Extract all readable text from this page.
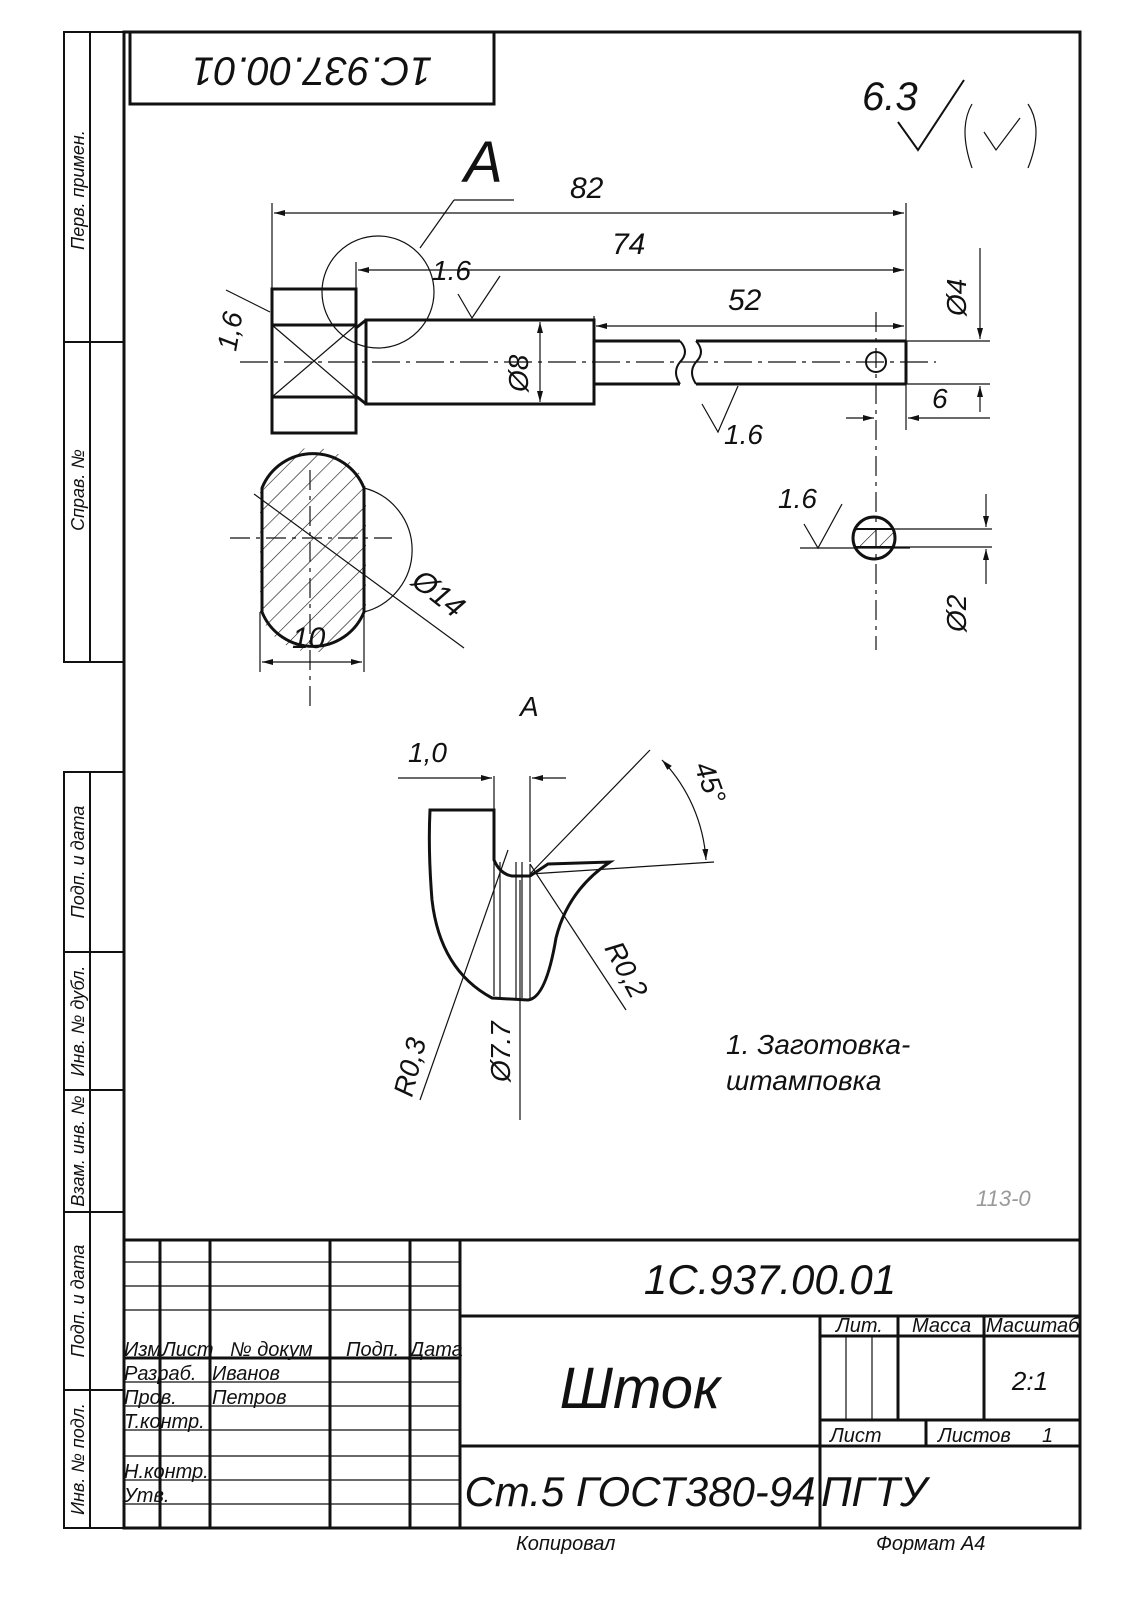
1С.937.00.01
Перв. примен.
Справ. №
Подп. и дата
Инв. № дубл.
Взам. инв. №
Подп. и дата
Инв. № подл.
6.3
А 82
74
52
1.6
1,6
Ø8
Ø4
6
1.6
10
Ø14	Ø2
1.6
А
1,0
45°
R0,2
R0,3 Ø7.7	1. Заготовка-
штамповка
113-0
1С.937.00.01
Шток
Ст.5 ГОСТ380-94 ПГТУ
Изм Лист № докум Подп. Дата
Разраб. Иванов
Пров. Петров
Т.контр.
Н.контр.
Утв.
Лит. Масса Масштаб
2:1
Лист	Листов 1
Копировал	Формат А4
